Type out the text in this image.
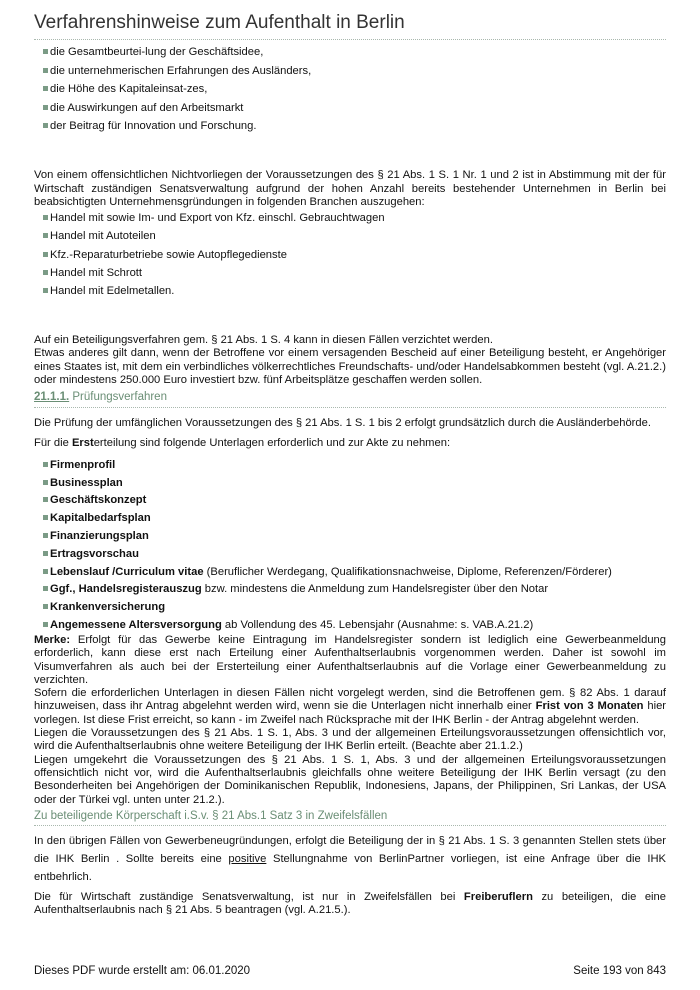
Verfahrenshinweise zum Aufenthalt in Berlin
die Gesamtbeurtei-lung der Geschäftsidee,
die unternehmerischen Erfahrungen des Ausländers,
die Höhe des Kapitaleinsat-zes,
die Auswirkungen auf den Arbeitsmarkt
der Beitrag für Innovation und Forschung.

Von einem offensichtlichen Nichtvorliegen der Voraussetzungen des § 21 Abs. 1 S. 1 Nr. 1 und 2 ist in Abstimmung mit der für Wirtschaft zuständigen Senatsverwaltung aufgrund der hohen Anzahl bereits bestehender Unternehmen in Berlin bei beabsichtigten Unternehmensgründungen in folgenden Branchen auszugehen:

Handel mit sowie Im- und Export von Kfz. einschl. Gebrauchtwagen
Handel mit Autoteilen
Kfz.-Reparaturbetriebe sowie Autopflegedienste
Handel mit Schrott
Handel mit Edelmetallen.

Auf ein Beteiligungsverfahren gem. § 21 Abs. 1 S. 4 kann in diesen Fällen verzichtet werden.

Etwas anderes gilt dann, wenn der Betroffene vor einem versagenden Bescheid auf einer Beteiligung besteht, er Angehöriger eines Staates ist, mit dem ein verbindliches völkerrechtliches Freundschafts- und/oder Handelsabkommen besteht (vgl. A.21.2.) oder mindestens 250.000 Euro investiert bzw. fünf Arbeitsplätze geschaffen werden sollen.

21.1.1. Prüfungsverfahren

Die Prüfung der umfänglichen Voraussetzungen des § 21 Abs. 1 S. 1 bis 2 erfolgt grundsätzlich durch die Ausländerbehörde.

Für die Ersterteilung sind folgende Unterlagen erforderlich und zur Akte zu nehmen:

Firmenprofil
Businessplan
Geschäftskonzept
Kapitalbedarfsplan
Finanzierungsplan
Ertragsvorschau
Lebenslauf /Curriculum vitae (Beruflicher Werdegang, Qualifikationsnachweise, Diplome, Referenzen/Förderer)
Ggf., Handelsregisterauszug bzw. mindestens die Anmeldung zum Handelsregister über den Notar
Krankenversicherung
Angemessene Altersversorgung ab Vollendung des 45. Lebensjahr (Ausnahme: s. VAB.A.21.2)

Merke: Erfolgt für das Gewerbe keine Eintragung im Handelsregister sondern ist lediglich eine Gewerbeanmeldung erforderlich, kann diese erst nach Erteilung einer Aufenthaltserlaubnis vorgenommen werden. Daher ist sowohl im Visumverfahren als auch bei der Ersterteilung einer Aufenthaltserlaubnis auf die Vorlage einer Gewerbeanmeldung zu verzichten.

Sofern die erforderlichen Unterlagen in diesen Fällen nicht vorgelegt werden, sind die Betroffenen gem. § 82 Abs. 1 darauf hinzuweisen, dass ihr Antrag abgelehnt werden wird, wenn sie die Unterlagen nicht innerhalb einer Frist von 3 Monaten hier vorlegen. Ist diese Frist erreicht, so kann - im Zweifel nach Rücksprache mit der IHK Berlin - der Antrag abgelehnt werden.

Liegen die Voraussetzungen des § 21 Abs. 1 S. 1, Abs. 3 und der allgemeinen Erteilungsvoraussetzungen offensichtlich vor, wird die Aufenthaltserlaubnis ohne weitere Beteiligung der IHK Berlin erteilt. (Beachte aber 21.1.2.)

Liegen umgekehrt die Voraussetzungen des § 21 Abs. 1 S. 1, Abs. 3 und der allgemeinen Erteilungsvoraussetzungen offensichtlich nicht vor, wird die Aufenthaltserlaubnis gleichfalls ohne weitere Beteiligung der IHK Berlin versagt (zu den Besonderheiten bei Angehörigen der Dominikanischen Republik, Indonesiens, Japans, der Philippinen, Sri Lankas, der USA oder der Türkei vgl. unten unter 21.2.).

Zu beteiligende Körperschaft i.S.v. § 21 Abs.1 Satz 3 in Zweifelsfällen

In den übrigen Fällen von Gewerbeneugründungen, erfolgt die Beteiligung der in § 21 Abs. 1 S. 3 genannten Stellen stets über die IHK Berlin . Sollte bereits eine positive Stellungnahme von BerlinPartner vorliegen, ist eine Anfrage über die IHK entbehrlich.

Die für Wirtschaft zuständige Senatsverwaltung, ist nur in Zweifelsfällen bei Freiberuflern zu beteiligen, die eine Aufenthaltserlaubnis nach § 21 Abs. 5 beantragen (vgl. A.21.5.).

Dieses PDF wurde erstellt am: 06.01.2020	Seite 193 von 843
